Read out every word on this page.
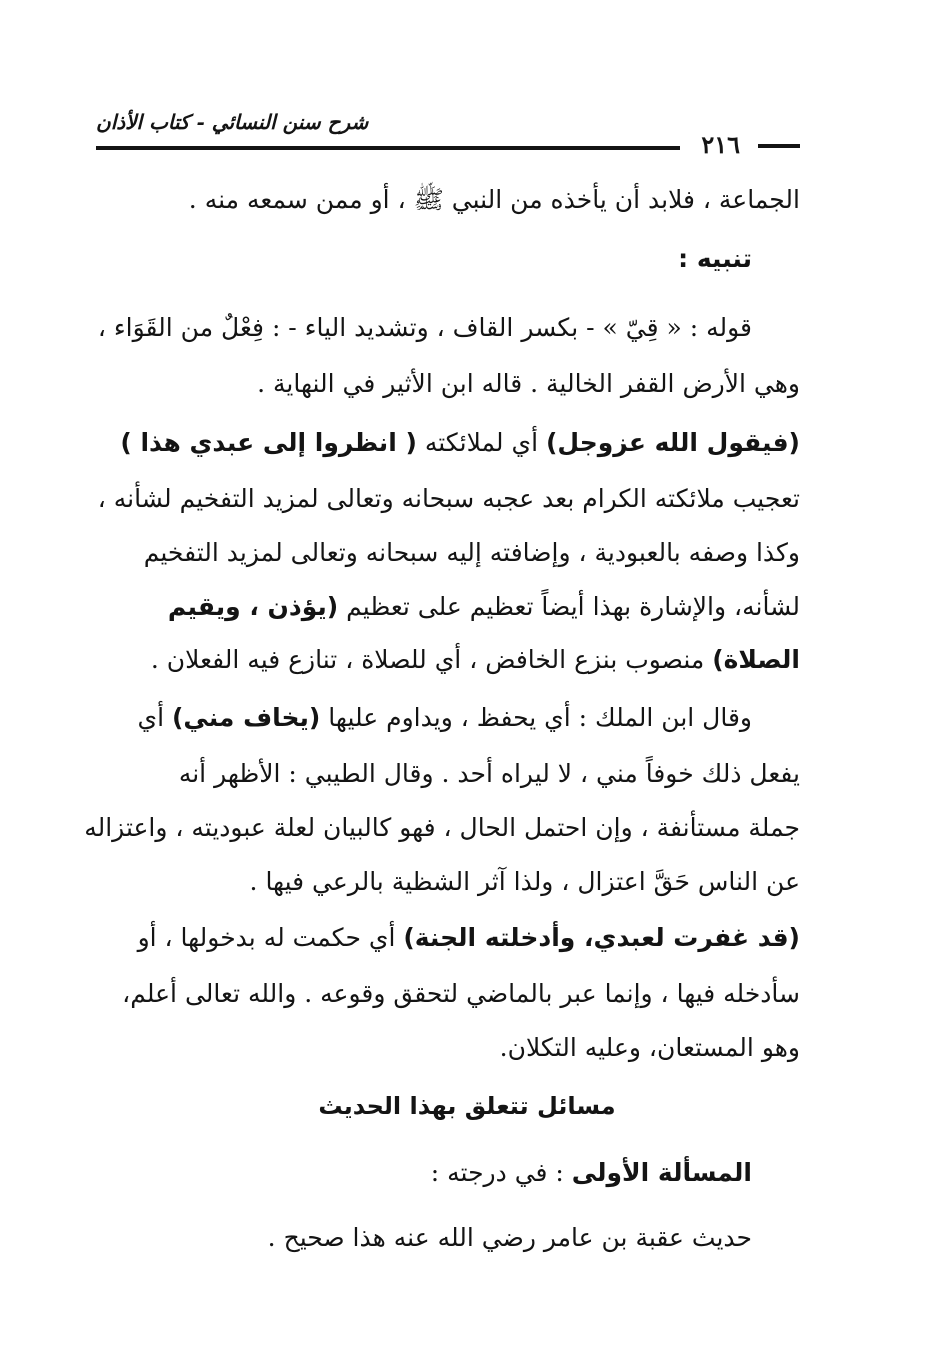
شرح سنن النسائي - كتاب الأذان
٢١٦
الجماعة ، فلابد أن يأخذه من النبي ﷺ ، أو ممن سمعه منه .
تنبيه :
قوله : « قِيّ » - بكسر القاف ، وتشديد الياء - : فِعْلٌ من القَوَاء ،
وهي الأرض القفر الخالية . قاله ابن الأثير في النهاية .
(فيقول الله عزوجل) أي لملائكته ( انظروا إلى عبدي هذا )
تعجيب ملائكته الكرام بعد عجبه سبحانه وتعالى لمزيد التفخيم لشأنه ،
وكذا وصفه بالعبودية ، وإضافته إليه سبحانه وتعالى لمزيد التفخيم
لشأنه، والإشارة بهذا أيضاً تعظيم على تعظيم (يؤذن ، ويقيم
الصلاة) منصوب بنزع الخافض ، أي للصلاة ، تنازع فيه الفعلان .
وقال ابن الملك : أي يحفظ ، ويداوم عليها (يخاف مني) أي
يفعل ذلك خوفاً مني ، لا ليراه أحد . وقال الطيبي : الأظهر أنه
جملة مستأنفة ، وإن احتمل الحال ، فهو كالبيان لعلة عبوديته ، واعتزاله
عن الناس حَقَّ اعتزال ، ولذا آثر الشظية بالرعي فيها .
(قد غفرت لعبدي، وأدخلته الجنة) أي حكمت له بدخولها ، أو
سأدخله فيها ، وإنما عبر بالماضي لتحقق وقوعه . والله تعالى أعلم،
وهو المستعان، وعليه التكلان.
مسائل تتعلق بهذا الحديث
المسألة الأولى : في درجته :
حديث عقبة بن عامر رضي الله عنه هذا صحيح .
